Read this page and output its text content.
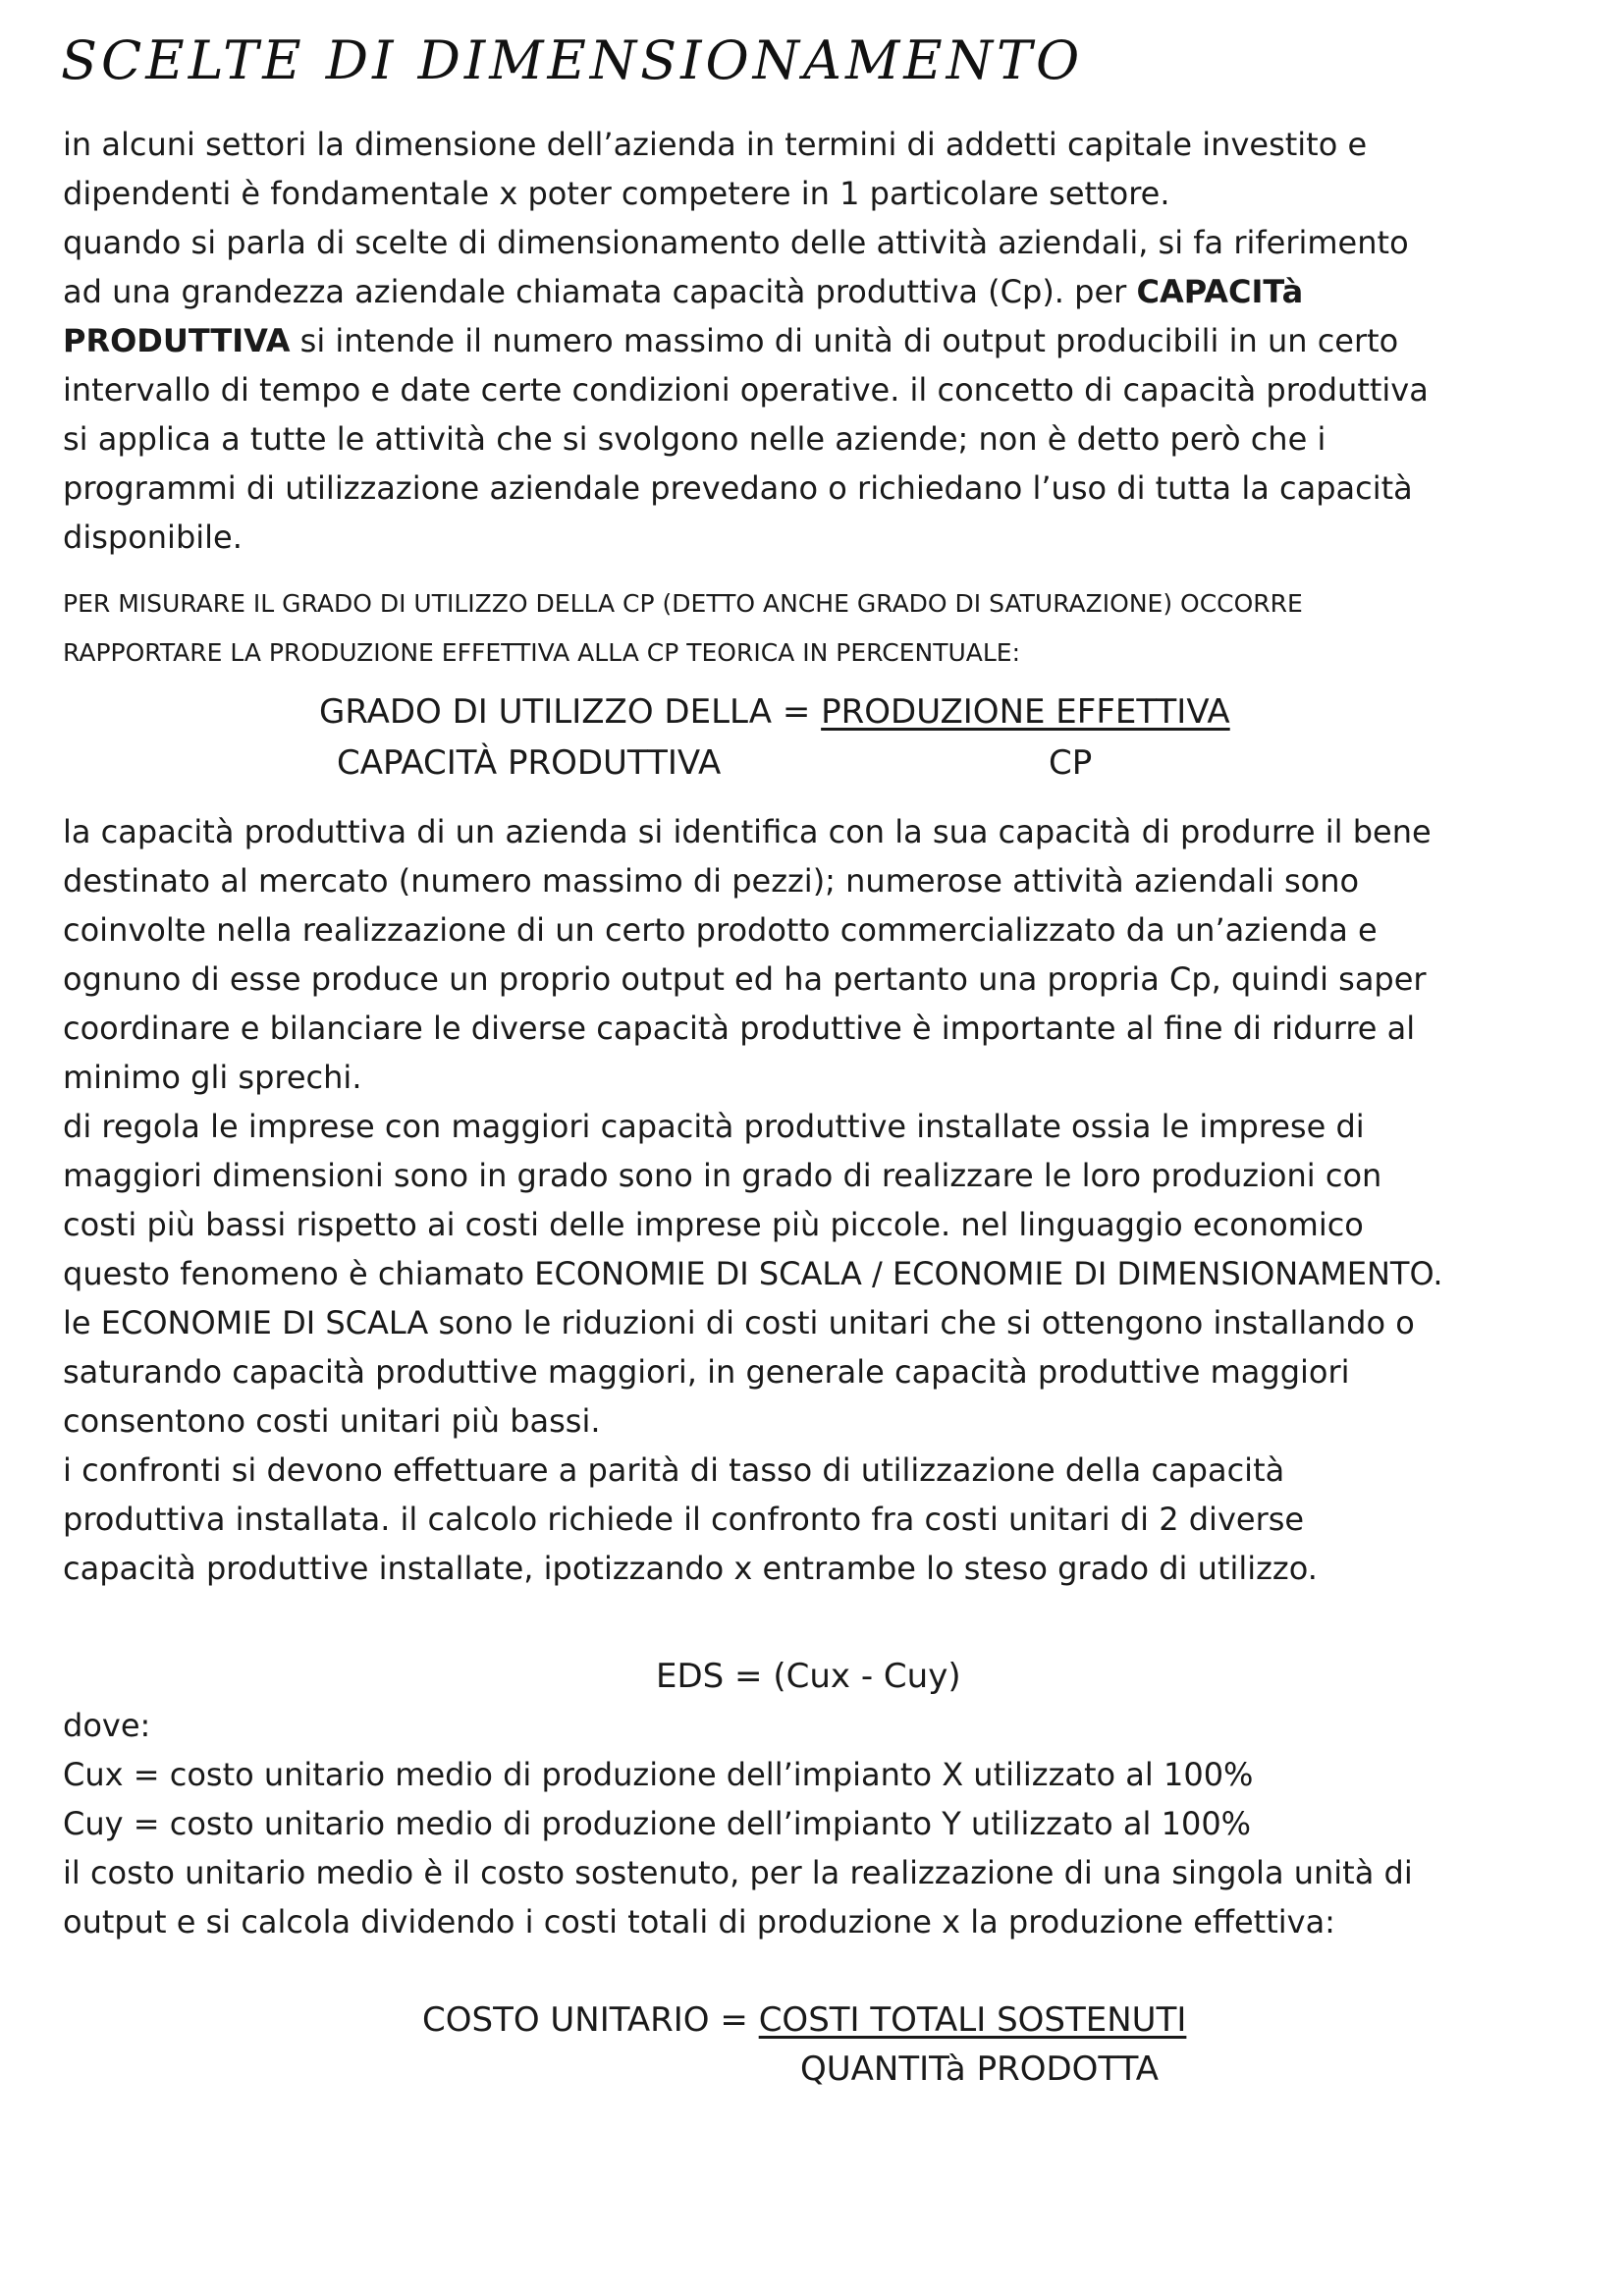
SCELTE DI DIMENSIONAMENTO
in alcuni settori la dimensione dell’azienda in termini di addetti capitale investito e
dipendenti è fondamentale x poter competere in 1 particolare settore.
quando si parla di scelte di dimensionamento delle attività aziendali, si fa riferimento
ad una grandezza aziendale chiamata capacità produttiva (Cp). per CAPACITà
PRODUTTIVA si intende il numero massimo di unità di output producibili in un certo
intervallo di tempo e date certe condizioni operative. il concetto di capacità produttiva
si applica a tutte le attività che si svolgono nelle aziende; non è detto però che i
programmi di utilizzazione aziendale prevedano o richiedano l’uso di tutta la capacità
disponibile.
PER MISURARE IL GRADO DI UTILIZZO DELLA CP (DETTO ANCHE GRADO DI SATURAZIONE) OCCORRE
RAPPORTARE LA PRODUZIONE EFFETTIVA ALLA CP TEORICA IN PERCENTUALE:
GRADO DI UTILIZZO DELLA = PRODUZIONE EFFETTIVA
CAPACITÀ PRODUTTIVA	CP
la capacità produttiva di un azienda si identifica con la sua capacità di produrre il bene
destinato al mercato (numero massimo di pezzi); numerose attività aziendali sono
coinvolte nella realizzazione di un certo prodotto commercializzato da un’azienda e
ognuno di esse produce un proprio output ed ha pertanto una propria Cp, quindi saper
coordinare e bilanciare le diverse capacità produttive è importante al fine di ridurre al
minimo gli sprechi.
di regola le imprese con maggiori capacità produttive installate ossia le imprese di
maggiori dimensioni sono in grado sono in grado di realizzare le loro produzioni con
costi più bassi rispetto ai costi delle imprese più piccole. nel linguaggio economico
questo fenomeno è chiamato ECONOMIE DI SCALA / ECONOMIE DI DIMENSIONAMENTO.
le ECONOMIE DI SCALA sono le riduzioni di costi unitari che si ottengono installando o
saturando capacità produttive maggiori, in generale capacità produttive maggiori
consentono costi unitari più bassi.
i confronti si devono effettuare a parità di tasso di utilizzazione della capacità
produttiva installata. il calcolo richiede il confronto fra costi unitari di 2 diverse
capacità produttive installate, ipotizzando x entrambe lo steso grado di utilizzo.
EDS = (Cux - Cuy)
dove:
Cux = costo unitario medio di produzione dell’impianto X utilizzato al 100%
Cuy = costo unitario medio di produzione dell’impianto Y utilizzato al 100%
il costo unitario medio è il costo sostenuto, per la realizzazione di una singola unità di
output e si calcola dividendo i costi totali di produzione x la produzione effettiva:
COSTO UNITARIO = COSTI TOTALI SOSTENUTI
QUANTITà PRODOTTA
